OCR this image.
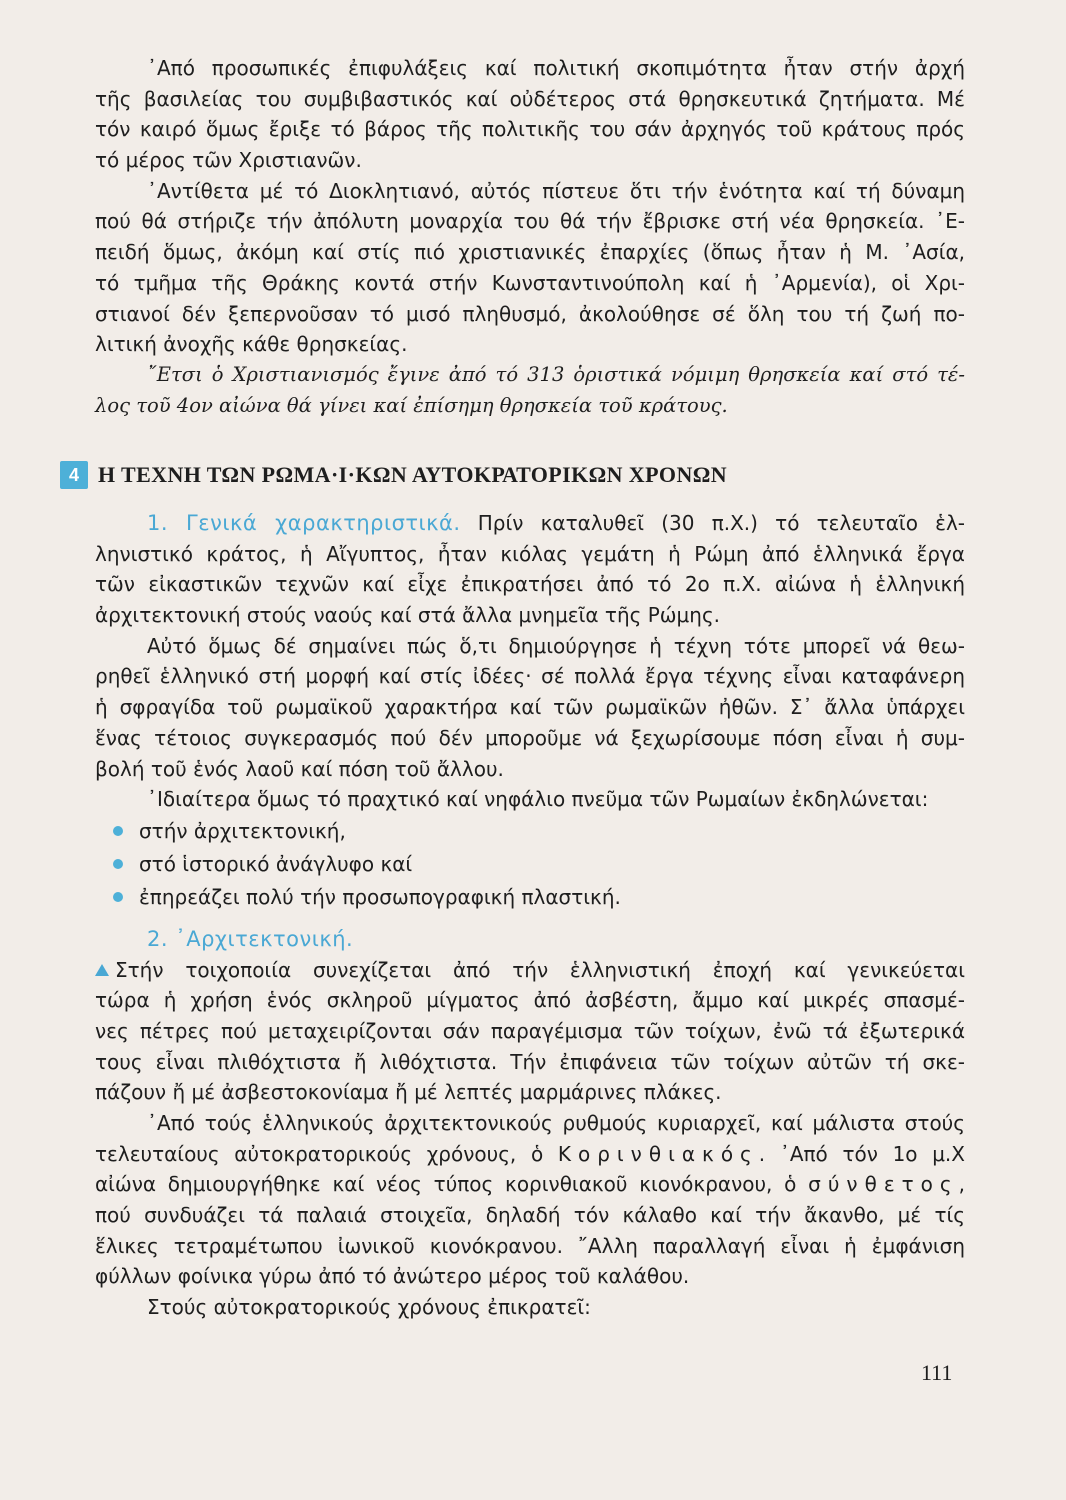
᾿Από προσωπικές ἐπιφυλάξεις καί πολιτική σκοπιμότητα ἦταν στήν ἀρχή
τῆς βασιλείας του συμβιβαστικός καί οὐδέτερος στά θρησκευτικά ζητήματα. Μέ
τόν καιρό ὅμως ἔριξε τό βάρος τῆς πολιτικῆς του σάν ἀρχηγός τοῦ κράτους πρός
τό μέρος τῶν Χριστιανῶν.
᾿Αντίθετα μέ τό Διοκλητιανό, αὐτός πίστευε ὅτι τήν ἑνότητα καί τή δύναμη
πού θά στήριζε τήν ἀπόλυτη μοναρχία του θά τήν ἔβρισκε στή νέα θρησκεία. ᾿Ε-
πειδή ὅμως, ἀκόμη καί στίς πιό χριστιανικές ἐπαρχίες (ὅπως ἦταν ἡ Μ. ᾿Ασία,
τό τμῆμα τῆς Θράκης κοντά στήν Κωνσταντινούπολη καί ἡ ᾿Αρμενία), οἱ Χρι-
στιανοί δέν ξεπερνοῦσαν τό μισό πληθυσμό, ἀκολούθησε σέ ὅλη του τή ζωή πο-
λιτική ἀνοχῆς κάθε θρησκείας.
῎Ετσι ὁ Χριστιανισμός ἔγινε ἀπό τό 313 ὁριστικά νόμιμη θρησκεία καί στό τέ-
λος τοῦ 4ον αἰώνα θά γίνει καί ἐπίσημη θρησκεία τοῦ κράτους.
4 Η ΤΕΧΝΗ ΤΩΝ ΡΩΜΑ·Ι·ΚΩΝ ΑΥΤΟΚΡΑΤΟΡΙΚΩΝ ΧΡΟΝΩΝ
1. Γενικά χαρακτηριστικά. Πρίν καταλυθεῖ (30 π.Χ.) τό τελευταῖο ἑλ-
ληνιστικό κράτος, ἡ Αἴγυπτος, ἦταν κιόλας γεμάτη ἡ Ρώμη ἀπό ἑλληνικά ἔργα
τῶν εἰκαστικῶν τεχνῶν καί εἶχε ἐπικρατήσει ἀπό τό 2ο π.Χ. αἰώνα ἡ ἑλληνική
ἀρχιτεκτονική στούς ναούς καί στά ἄλλα μνημεῖα τῆς Ρώμης.
Αὐτό ὅμως δέ σημαίνει πώς ὅ,τι δημιούργησε ἡ τέχνη τότε μπορεῖ νά θεω-
ρηθεῖ ἑλληνικό στή μορφή καί στίς ἰδέες· σέ πολλά ἔργα τέχνης εἶναι καταφάνερη
ἡ σφραγίδα τοῦ ρωμαϊκοῦ χαρακτήρα καί τῶν ρωμαϊκῶν ἠθῶν. Σ᾿ ἄλλα ὑπάρχει
ἕνας τέτοιος συγκερασμός πού δέν μποροῦμε νά ξεχωρίσουμε πόση εἶναι ἡ συμ-
βολή τοῦ ἑνός λαοῦ καί πόση τοῦ ἄλλου.
᾿Ιδιαίτερα ὅμως τό πραχτικό καί νηφάλιο πνεῦμα τῶν Ρωμαίων ἐκδηλώνεται:
στήν ἀρχιτεκτονική,
στό ἱστορικό ἀνάγλυφο καί
ἐπηρεάζει πολύ τήν προσωπογραφική πλαστική.
2. ᾿Αρχιτεκτονική.
Στήν τοιχοποιία συνεχίζεται ἀπό τήν ἑλληνιστική ἐποχή καί γενικεύεται
τώρα ἡ χρήση ἑνός σκληροῦ μίγματος ἀπό ἀσβέστη, ἄμμο καί μικρές σπασμέ-
νες πέτρες πού μεταχειρίζονται σάν παραγέμισμα τῶν τοίχων, ἐνῶ τά ἐξωτερικά
τους εἶναι πλιθόχτιστα ἤ λιθόχτιστα. Τήν ἐπιφάνεια τῶν τοίχων αὐτῶν τή σκε-
πάζουν ἤ μέ ἀσβεστοκονίαμα ἤ μέ λεπτές μαρμάρινες πλάκες.
᾿Από τούς ἑλληνικούς ἀρχιτεκτονικούς ρυθμούς κυριαρχεῖ, καί μάλιστα στούς
τελευταίους αὐτοκρατορικούς χρόνους, ὁ Κορινθιακός. ᾿Από τόν 1ο μ.Χ
αἰώνα δημιουργήθηκε καί νέος τύπος κορινθιακοῦ κιονόκρανου, ὁ σύνθετος,
πού συνδυάζει τά παλαιά στοιχεῖα, δηλαδή τόν κάλαθο καί τήν ἄκανθο, μέ τίς
ἕλικες τετραμέτωπου ἰωνικοῦ κιονόκρανου. ῎Αλλη παραλλαγή εἶναι ἡ ἐμφάνιση
φύλλων φοίνικα γύρω ἀπό τό ἀνώτερο μέρος τοῦ καλάθου.
Στούς αὐτοκρατορικούς χρόνους ἐπικρατεῖ:
111
